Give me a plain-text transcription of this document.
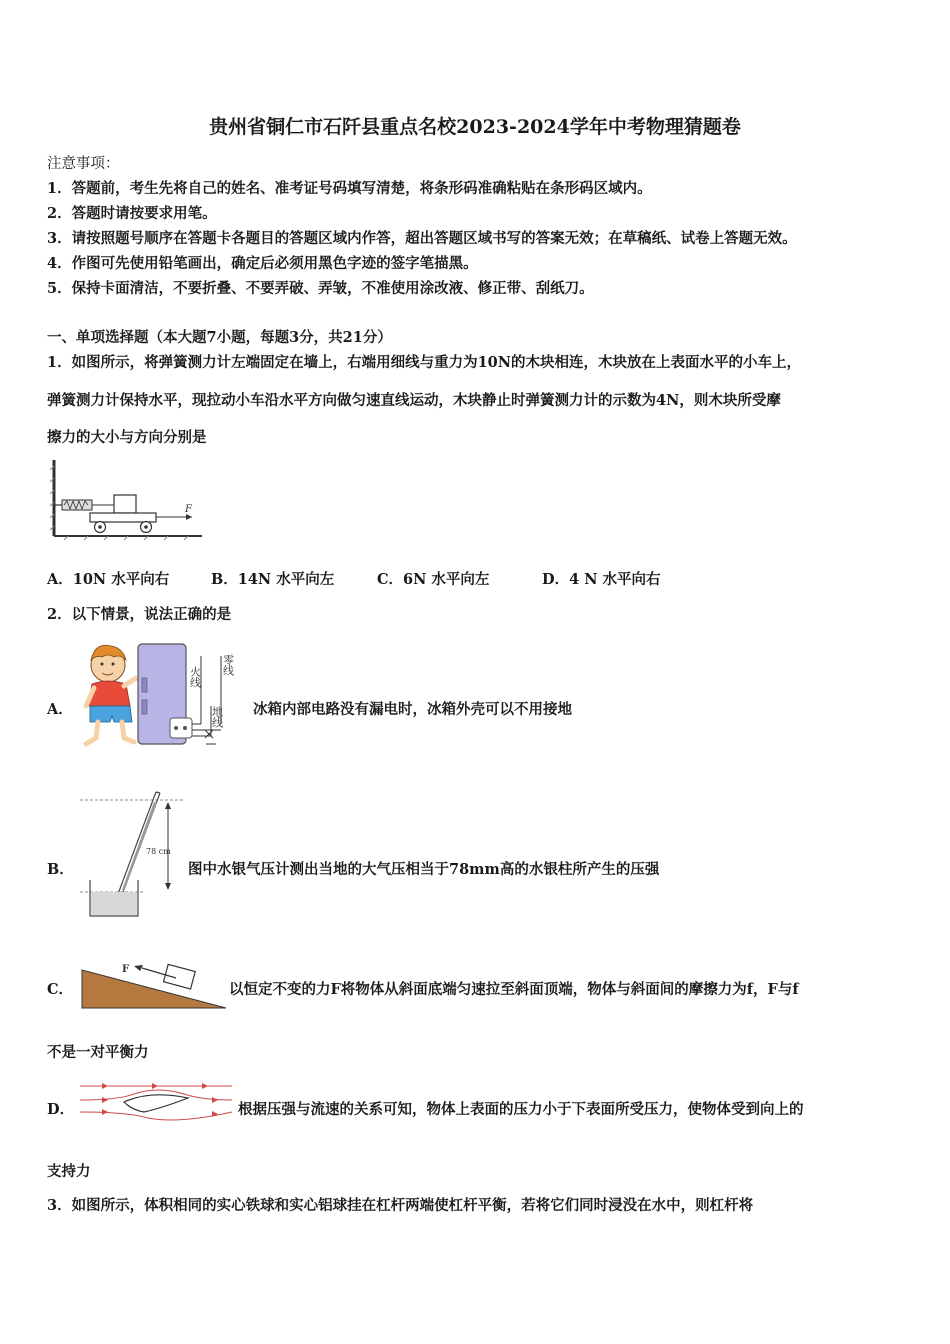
贵州省铜仁市石阡县重点名校2023-2024学年中考物理猜题卷
注意事项：
1．答题前，考生先将自己的姓名、准考证号码填写清楚，将条形码准确粘贴在条形码区域内。
2．答题时请按要求用笔。
3．请按照题号顺序在答题卡各题目的答题区域内作答，超出答题区域书写的答案无效；在草稿纸、试卷上答题无效。
4．作图可先使用铅笔画出，确定后必须用黑色字迹的签字笔描黑。
5．保持卡面清洁，不要折叠、不要弄破、弄皱，不准使用涂改液、修正带、刮纸刀。
一、单项选择题（本大题7小题，每题3分，共21分）
1．如图所示，将弹簧测力计左端固定在墙上，右端用细线与重力为10N的木块相连，木块放在上表面水平的小车上，
弹簧测力计保持水平，现拉动小车沿水平方向做匀速直线运动，木块静止时弹簧测力计的示数为4N，则木块所受摩
擦力的大小与方向分别是
F
A．10N 水平向右	B．14N 水平向左	C．6N 水平向左	D．4 N 水平向右
2．以下情景，说法正确的是
A．
火线
零线
地线 冰箱内部电路没有漏电时，冰箱外壳可以不用接地
B．
78 cm
图中水银气压计测出当地的大气压相当于78mm高的水银柱所产生的压强
C．
F
以恒定不变的力F将物体从斜面底端匀速拉至斜面顶端，物体与斜面间的摩擦力为f，F与f
不是一对平衡力
D．	根据压强与流速的关系可知，物体上表面的压力小于下表面所受压力，使物体受到向上的
支持力
3．如图所示，体积相同的实心铁球和实心铝球挂在杠杆两端使杠杆平衡，若将它们同时浸没在水中，则杠杆将
